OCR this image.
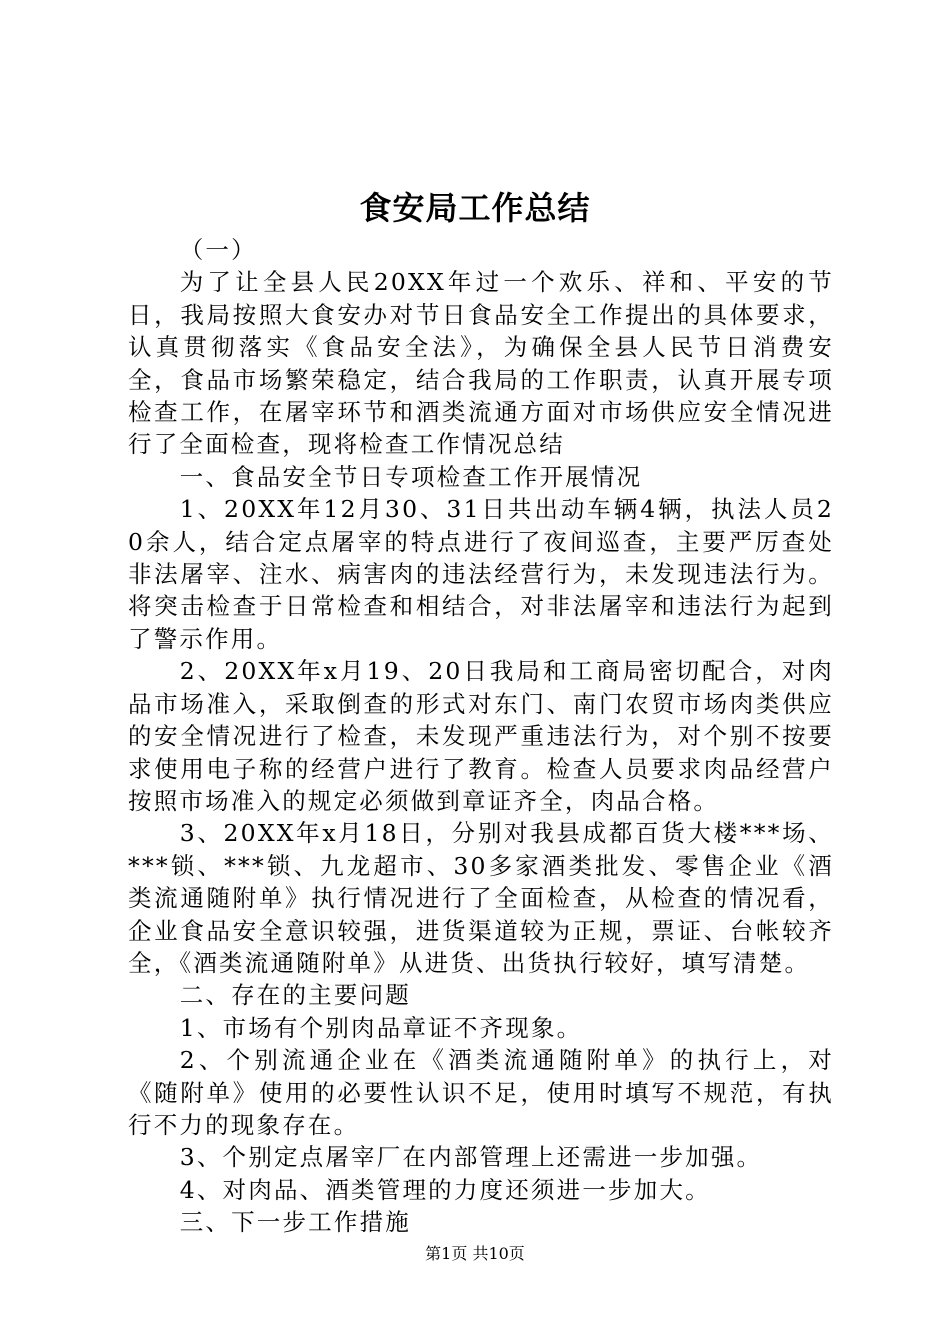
食安局工作总结

（一）

为了让全县人民20XX年过一个欢乐、祥和、平安的节日，我局按照大食安办对节日食品安全工作提出的具体要求，认真贯彻落实《食品安全法》，为确保全县人民节日消费安全，食品市场繁荣稳定，结合我局的工作职责，认真开展专项检查工作，在屠宰环节和酒类流通方面对市场供应安全情况进行了全面检查，现将检查工作情况总结

一、食品安全节日专项检查工作开展情况

1、20XX年12月30、31日共出动车辆4辆，执法人员20余人，结合定点屠宰的特点进行了夜间巡查，主要严厉查处非法屠宰、注水、病害肉的违法经营行为，未发现违法行为。将突击检查于日常检查和相结合，对非法屠宰和违法行为起到了警示作用。

2、20XX年x月19、20日我局和工商局密切配合，对肉品市场准入，采取倒查的形式对东门、南门农贸市场肉类供应的安全情况进行了检查，未发现严重违法行为，对个别不按要求使用电子称的经营户进行了教育。检查人员要求肉品经营户按照市场准入的规定必须做到章证齐全，肉品合格。

3、20XX年x月18日，分别对我县成都百货大楼***场、***锁、***锁、九龙超市、30多家酒类批发、零售企业《酒类流通随附单》执行情况进行了全面检查，从检查的情况看，企业食品安全意识较强，进货渠道较为正规，票证、台帐较齐全，《酒类流通随附单》从进货、出货执行较好，填写清楚。

二、存在的主要问题

1、市场有个别肉品章证不齐现象。

2、个别流通企业在《酒类流通随附单》的执行上，对《随附单》使用的必要性认识不足，使用时填写不规范，有执行不力的现象存在。

3、个别定点屠宰厂在内部管理上还需进一步加强。

4、对肉品、酒类管理的力度还须进一步加大。

三、下一步工作措施

第1页 共10页
